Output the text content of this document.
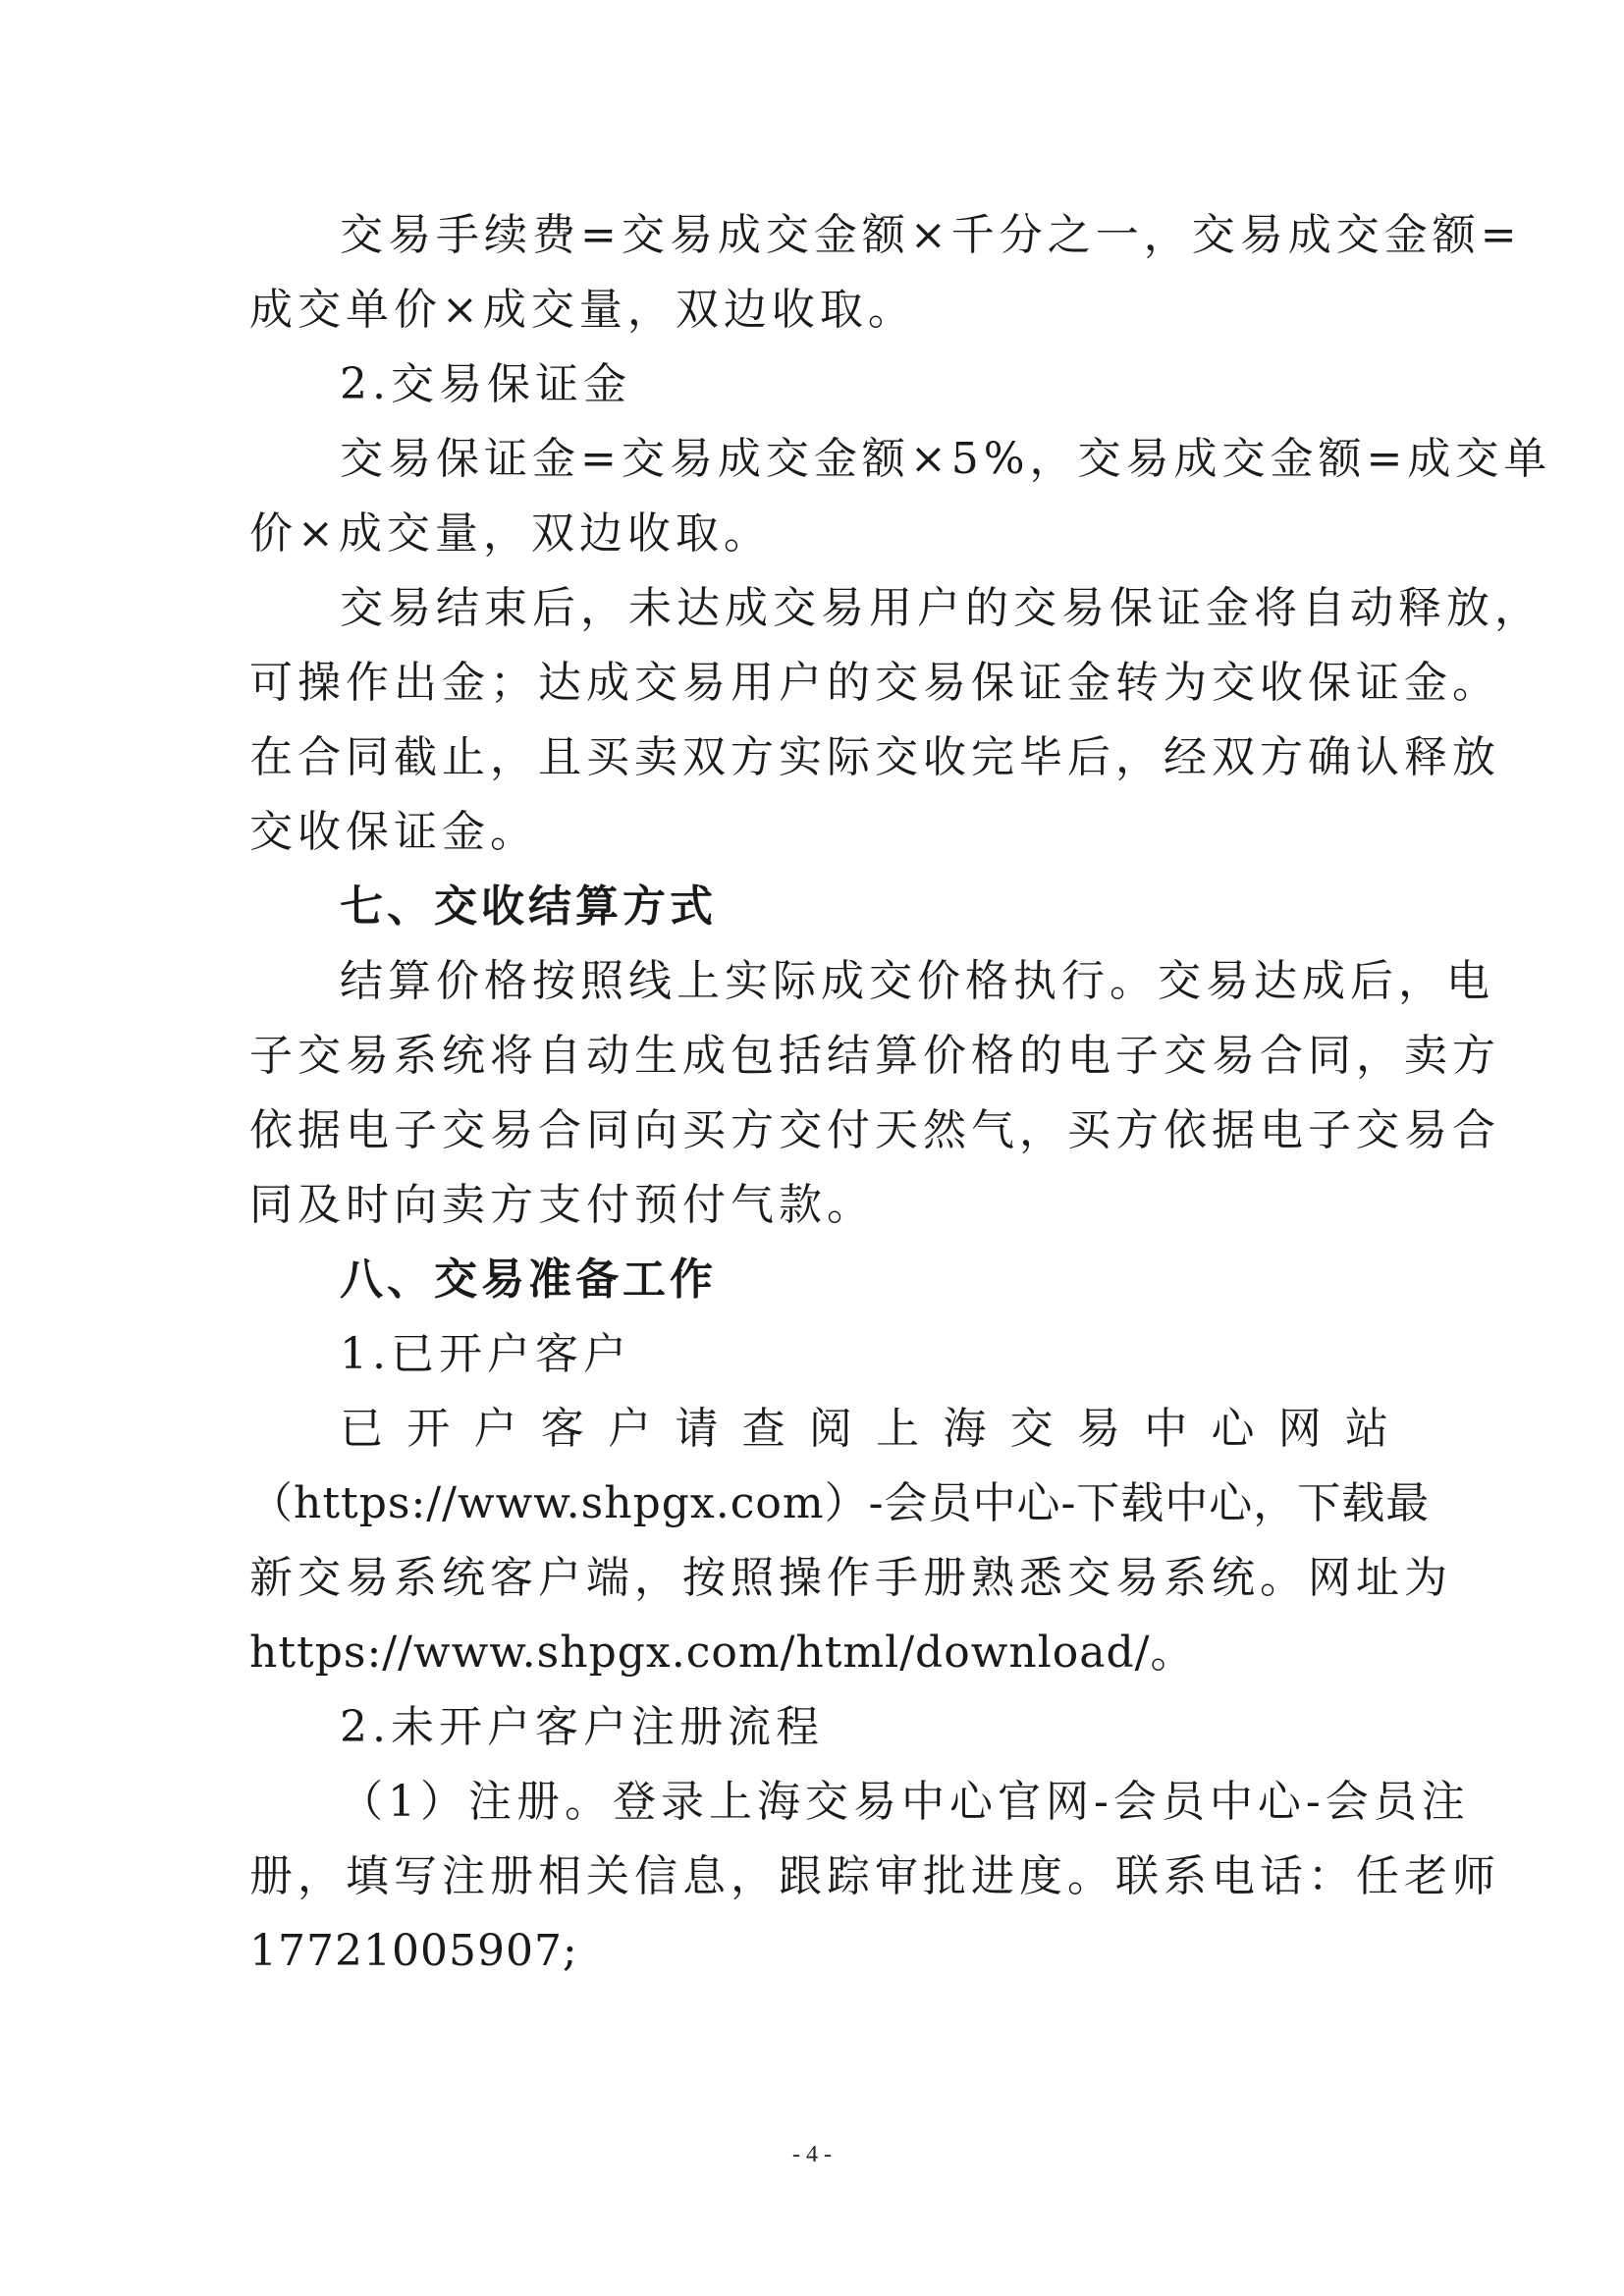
交易手续费=交易成交金额×千分之一，交易成交金额=
成交单价×成交量，双边收取。
2.交易保证金
交易保证金=交易成交金额×5%，交易成交金额=成交单
价×成交量，双边收取。
交易结束后，未达成交易用户的交易保证金将自动释放，
可操作出金；达成交易用户的交易保证金转为交收保证金。
在合同截止，且买卖双方实际交收完毕后，经双方确认释放
交收保证金。
七、交收结算方式
结算价格按照线上实际成交价格执行。交易达成后，电
子交易系统将自动生成包括结算价格的电子交易合同，卖方
依据电子交易合同向买方交付天然气，买方依据电子交易合
同及时向卖方支付预付气款。
八、交易准备工作
1.已开户客户
已开户客户请查阅上海交易中心网站
（https://www.shpgx.com）-会员中心-下载中心，下载最
新交易系统客户端，按照操作手册熟悉交易系统。网址为
https://www.shpgx.com/html/download/。
2.未开户客户注册流程
（1）注册。登录上海交易中心官网-会员中心-会员注
册，填写注册相关信息，跟踪审批进度。联系电话：任老师
17721005907;
- 4 -
